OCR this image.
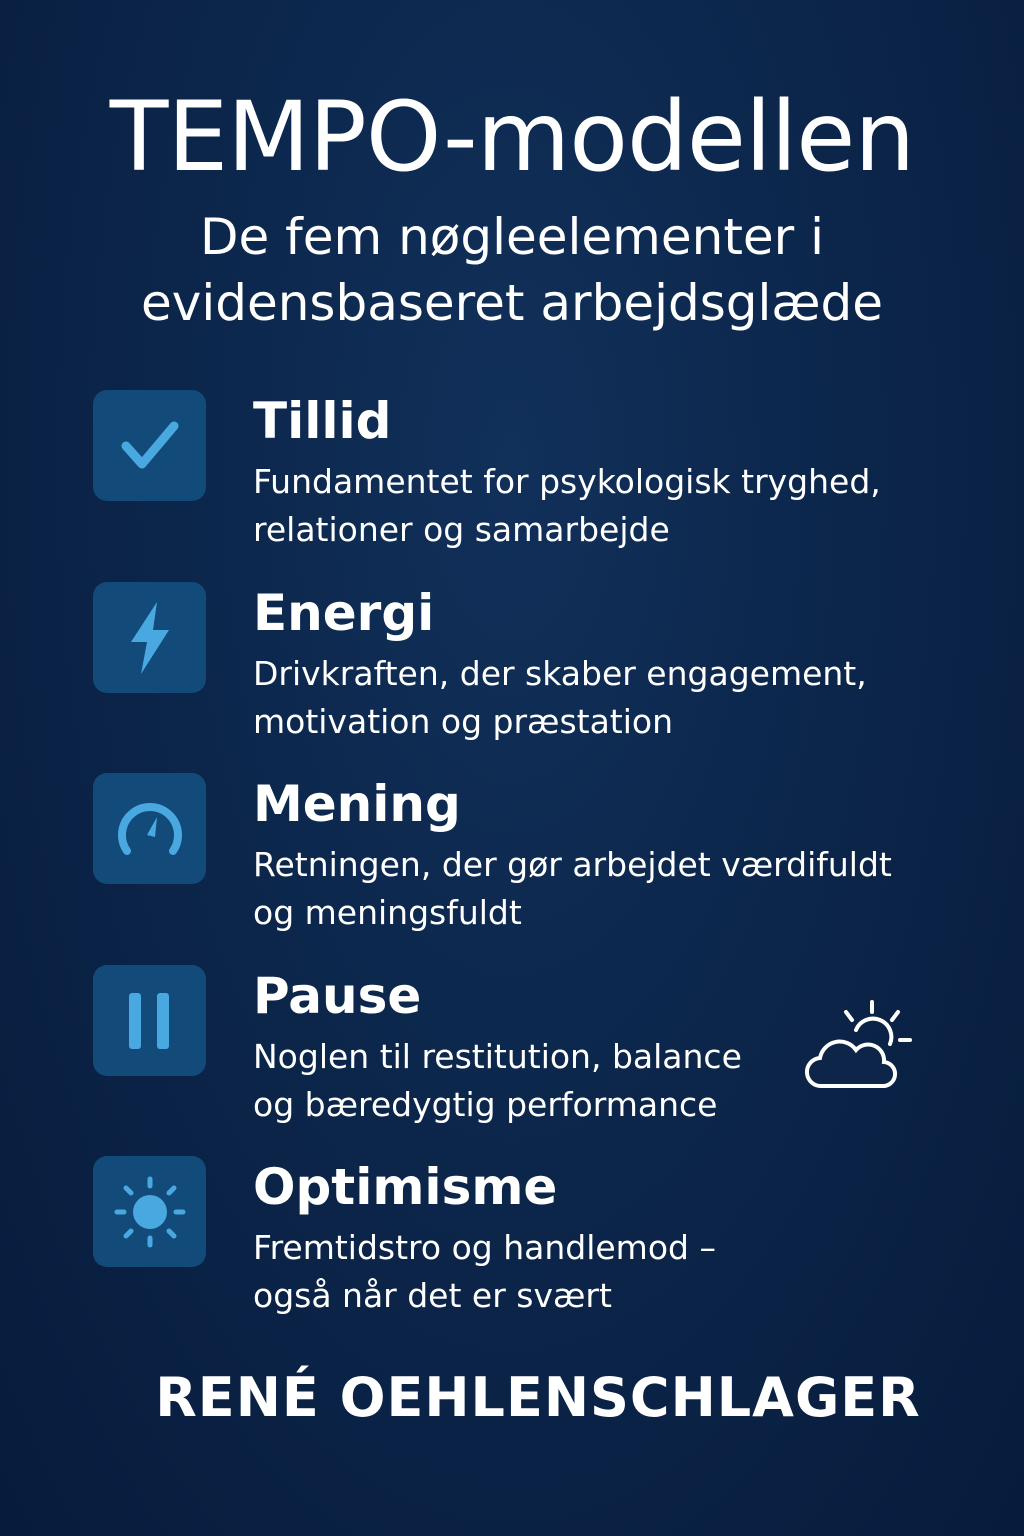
TEMPO-modellen
De fem nøgleelementer i
evidensbaseret arbejdsglæde
Tillid
Fundamentet for psykologisk tryghed,
relationer og samarbejde
Energi
Drivkraften, der skaber engagement,
motivation og præstation
Mening
Retningen, der gør arbejdet værdifuldt
og meningsfuldt
Pause
Noglen til restitution, balance
og bæredygtig performance
Optimisme
Fremtidstro og handlemod –
også når det er svært
RENÉ OEHLENSCHLAGER
